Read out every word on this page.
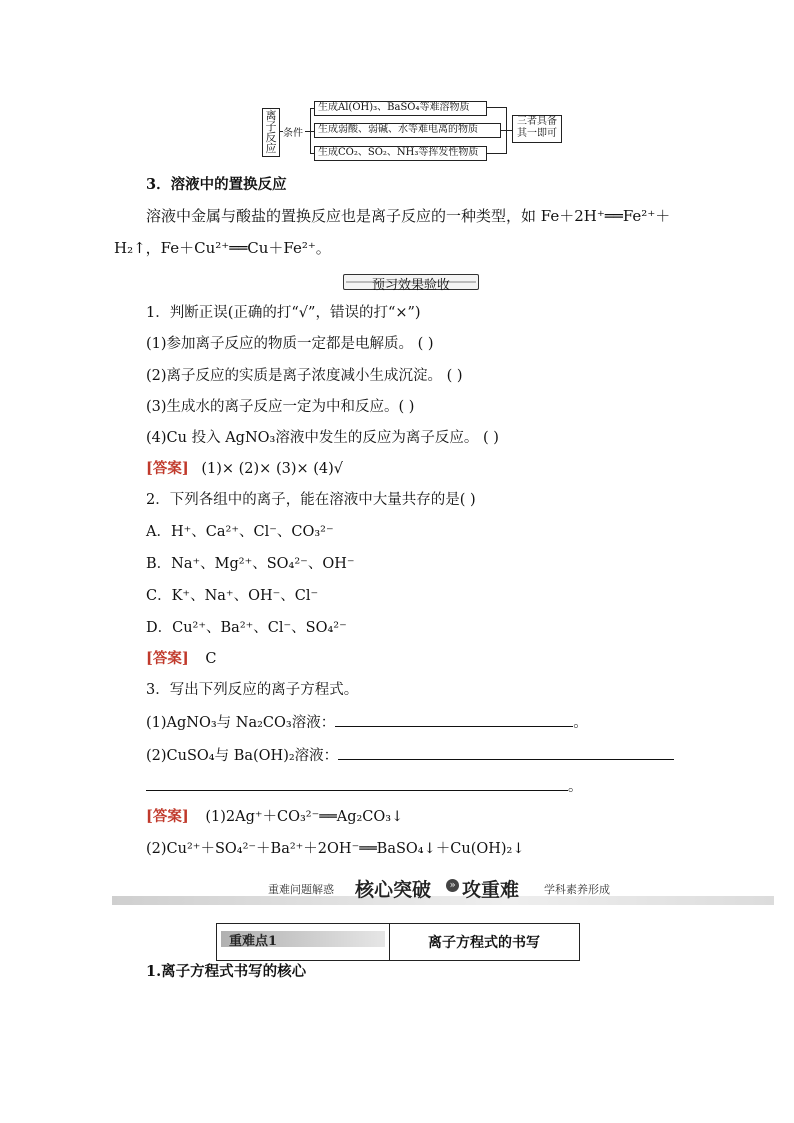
离子反应
条件
生成Al(OH)₃、BaSO₄等难溶物质
生成弱酸、弱碱、水等难电离的物质
生成CO₂、SO₂、NH₃等挥发性物质
三者具备
其一即可
3．溶液中的置换反应
溶液中金属与酸盐的置换反应也是离子反应的一种类型，如 Fe＋2H⁺══Fe²⁺＋
H₂↑，Fe＋Cu²⁺══Cu＋Fe²⁺。
预习效果验收
1．判断正误(正确的打“√”，错误的打“×”)
(1)参加离子反应的物质一定都是电解质。 ( )
(2)离子反应的实质是离子浓度减小生成沉淀。 ( )
(3)生成水的离子反应一定为中和反应。( )
(4)Cu 投入 AgNO₃溶液中发生的反应为离子反应。 ( )
[答案] (1)× (2)× (3)× (4)√
2．下列各组中的离子，能在溶液中大量共存的是( )
A．H⁺、Ca²⁺、Cl⁻、CO₃²⁻
B．Na⁺、Mg²⁺、SO₄²⁻、OH⁻
C．K⁺、Na⁺、OH⁻、Cl⁻
D．Cu²⁺、Ba²⁺、Cl⁻、SO₄²⁻
[答案] C
3．写出下列反应的离子方程式。
(1)AgNO₃与 Na₂CO₃溶液：	。
(2)CuSO₄与 Ba(OH)₂溶液：
。
[答案] (1)2Ag⁺＋CO₃²⁻══Ag₂CO₃↓
(2)Cu²⁺＋SO₄²⁻＋Ba²⁺＋2OH⁻══BaSO₄↓＋Cu(OH)₂↓
重难问题解惑 核心突破	» 攻重难 学科素养形成
重难点1	离子方程式的书写
1.离子方程式书写的核心
